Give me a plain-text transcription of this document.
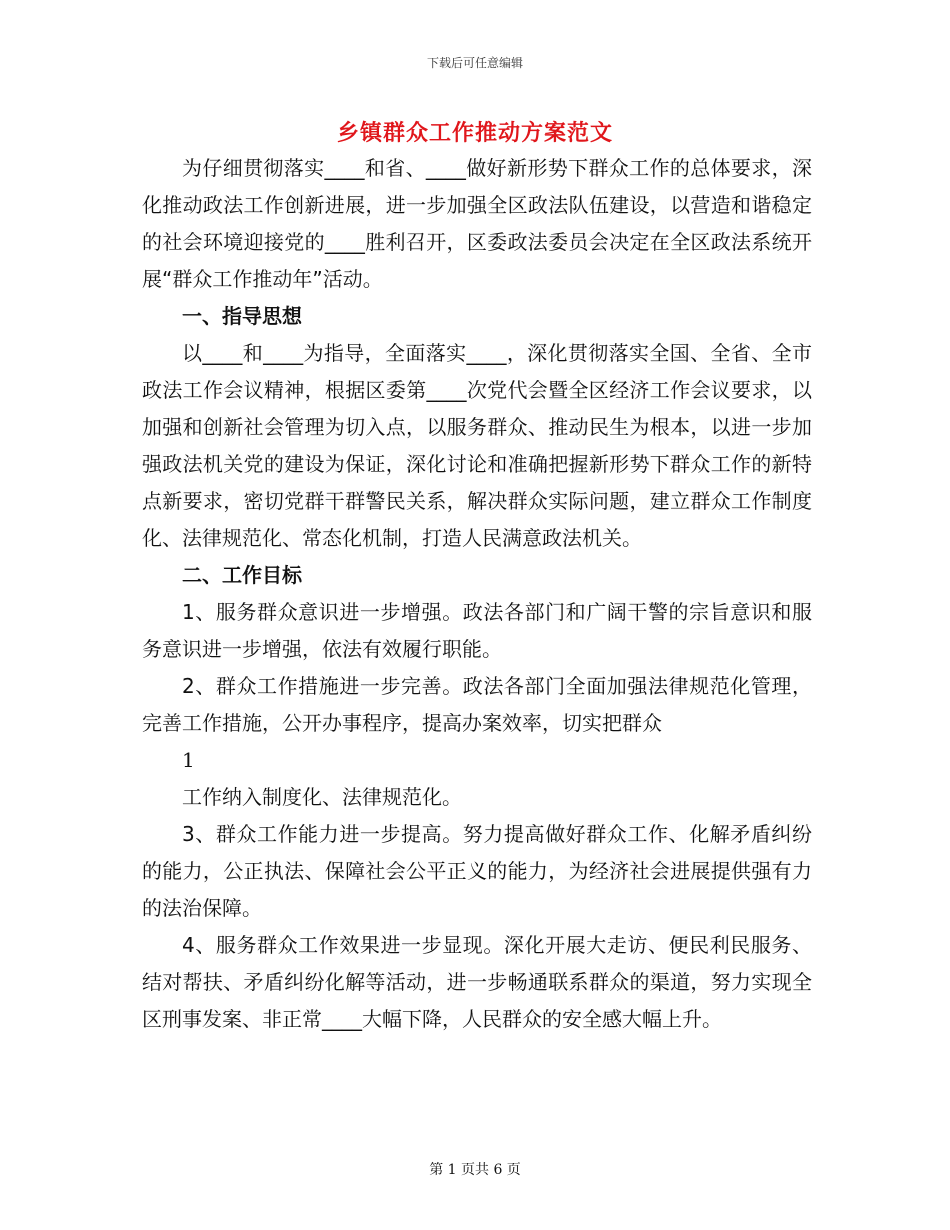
下载后可任意编辑
乡镇群众工作推动方案范文

为仔细贯彻落实____和省、____做好新形势下群众工作的总体要求，深化推动政法工作创新进展，进一步加强全区政法队伍建设，以营造和谐稳定的社会环境迎接党的____胜利召开，区委政法委员会决定在全区政法系统开展“群众工作推动年”活动。

一、指导思想

以____和____为指导，全面落实____，深化贯彻落实全国、全省、全市政法工作会议精神，根据区委第____次党代会暨全区经济工作会议要求，以加强和创新社会管理为切入点，以服务群众、推动民生为根本，以进一步加强政法机关党的建设为保证，深化讨论和准确把握新形势下群众工作的新特点新要求，密切党群干群警民关系，解决群众实际问题，建立群众工作制度化、法律规范化、常态化机制，打造人民满意政法机关。

二、工作目标

1、服务群众意识进一步增强。政法各部门和广阔干警的宗旨意识和服务意识进一步增强，依法有效履行职能。

2、群众工作措施进一步完善。政法各部门全面加强法律规范化管理，完善工作措施，公开办事程序，提高办案效率，切实把群众

1

工作纳入制度化、法律规范化。

3、群众工作能力进一步提高。努力提高做好群众工作、化解矛盾纠纷的能力，公正执法、保障社会公平正义的能力，为经济社会进展提供强有力的法治保障。

4、服务群众工作效果进一步显现。深化开展大走访、便民利民服务、结对帮扶、矛盾纠纷化解等活动，进一步畅通联系群众的渠道，努力实现全区刑事发案、非正常____大幅下降，人民群众的安全感大幅上升。

第 1 页共 6 页
